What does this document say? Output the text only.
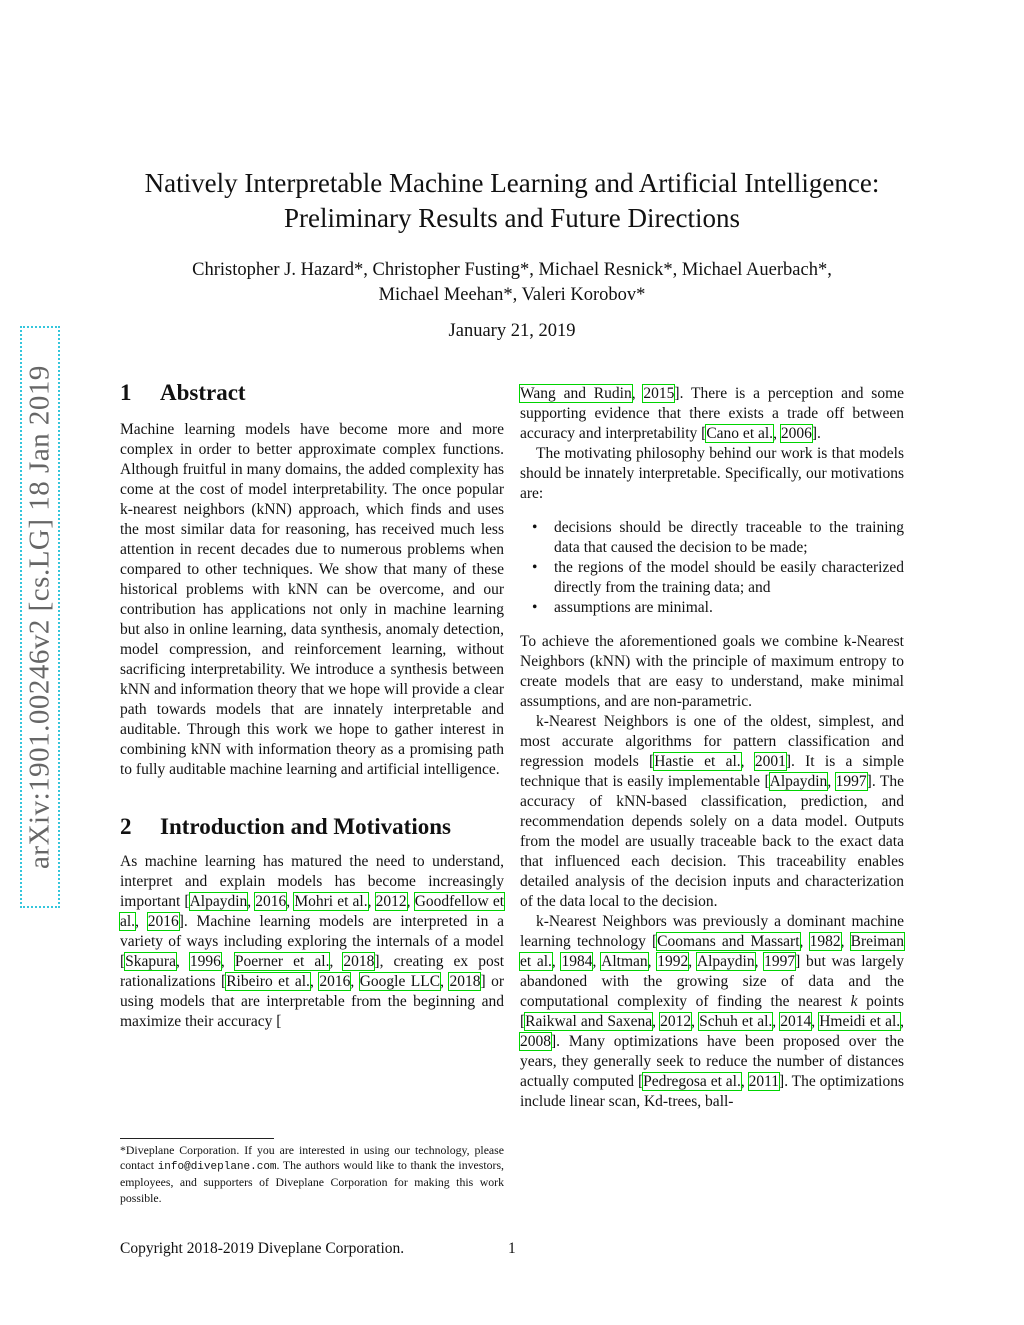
arXiv:1901.00246v2 [cs.LG] 18 Jan 2019
Natively Interpretable Machine Learning and Artificial Intelligence:
Preliminary Results and Future Directions
Christopher J. Hazard*, Christopher Fusting*, Michael Resnick*, Michael Auerbach*,
Michael Meehan*, Valeri Korobov*
January 21, 2019
1	Abstract

Machine learning models have become more and more complex in order to better approximate complex functions. Although fruitful in many domains, the added complexity has come at the cost of model interpretability. The once popular k-nearest neighbors (kNN) approach, which finds and uses the most similar data for reasoning, has received much less attention in recent decades due to numerous problems when compared to other techniques. We show that many of these historical problems with kNN can be overcome, and our contribution has applications not only in machine learning but also in online learning, data synthesis, anomaly detection, model compression, and reinforcement learning, without sacrificing interpretability. We introduce a synthesis between kNN and information theory that we hope will provide a clear path towards models that are innately interpretable and auditable. Through this work we hope to gather interest in combining kNN with information theory as a promising path to fully auditable machine learning and artificial intelligence.

2	Introduction and Motivations

As machine learning has matured the need to understand, interpret and explain models has become increasingly important [Alpaydin, 2016, Mohri et al., 2012, Goodfellow et al., 2016]. Machine learning models are interpreted in a variety of ways including exploring the internals of a model [Skapura, 1996, Poerner et al., 2018], creating ex post rationalizations [Ribeiro et al., 2016, Google LLC, 2018] or using models that are interpretable from the beginning and maximize their accuracy [

Wang and Rudin, 2015]. There is a perception and some supporting evidence that there exists a trade off between accuracy and interpretability [Cano et al., 2006].

The motivating philosophy behind our work is that models should be innately interpretable. Specifically, our motivations are:

• decisions should be directly traceable to the training data that caused the decision to be made;
• the regions of the model should be easily characterized directly from the training data; and
• assumptions are minimal.

To achieve the aforementioned goals we combine k-Nearest Neighbors (kNN) with the principle of maximum entropy to create models that are easy to understand, make minimal assumptions, and are non-parametric.

k-Nearest Neighbors is one of the oldest, simplest, and most accurate algorithms for pattern classification and regression models [Hastie et al., 2001]. It is a simple technique that is easily implementable [Alpaydin, 1997]. The accuracy of kNN-based classification, prediction, and recommendation depends solely on a data model. Outputs from the model are usually traceable back to the exact data that influenced each decision. This traceability enables detailed analysis of the decision inputs and characterization of the data local to the decision.

k-Nearest Neighbors was previously a dominant machine learning technology [Coomans and Massart, 1982, Breiman et al., 1984, Altman, 1992, Alpaydin, 1997] but was largely abandoned with the growing size of data and the computational complexity of finding the nearest k points [Raikwal and Saxena, 2012, Schuh et al., 2014, Hmeidi et al., 2008]. Many optimizations have been proposed over the years, they generally seek to reduce the number of distances actually computed [Pedregosa et al., 2011]. The optimizations include linear scan, Kd-trees, ball-

*Diveplane Corporation. If you are interested in using our technology, please contact info@diveplane.com. The authors would like to thank the investors, employees, and supporters of Diveplane Corporation for making this work possible.

Copyright 2018-2019 Diveplane Corporation.	1
